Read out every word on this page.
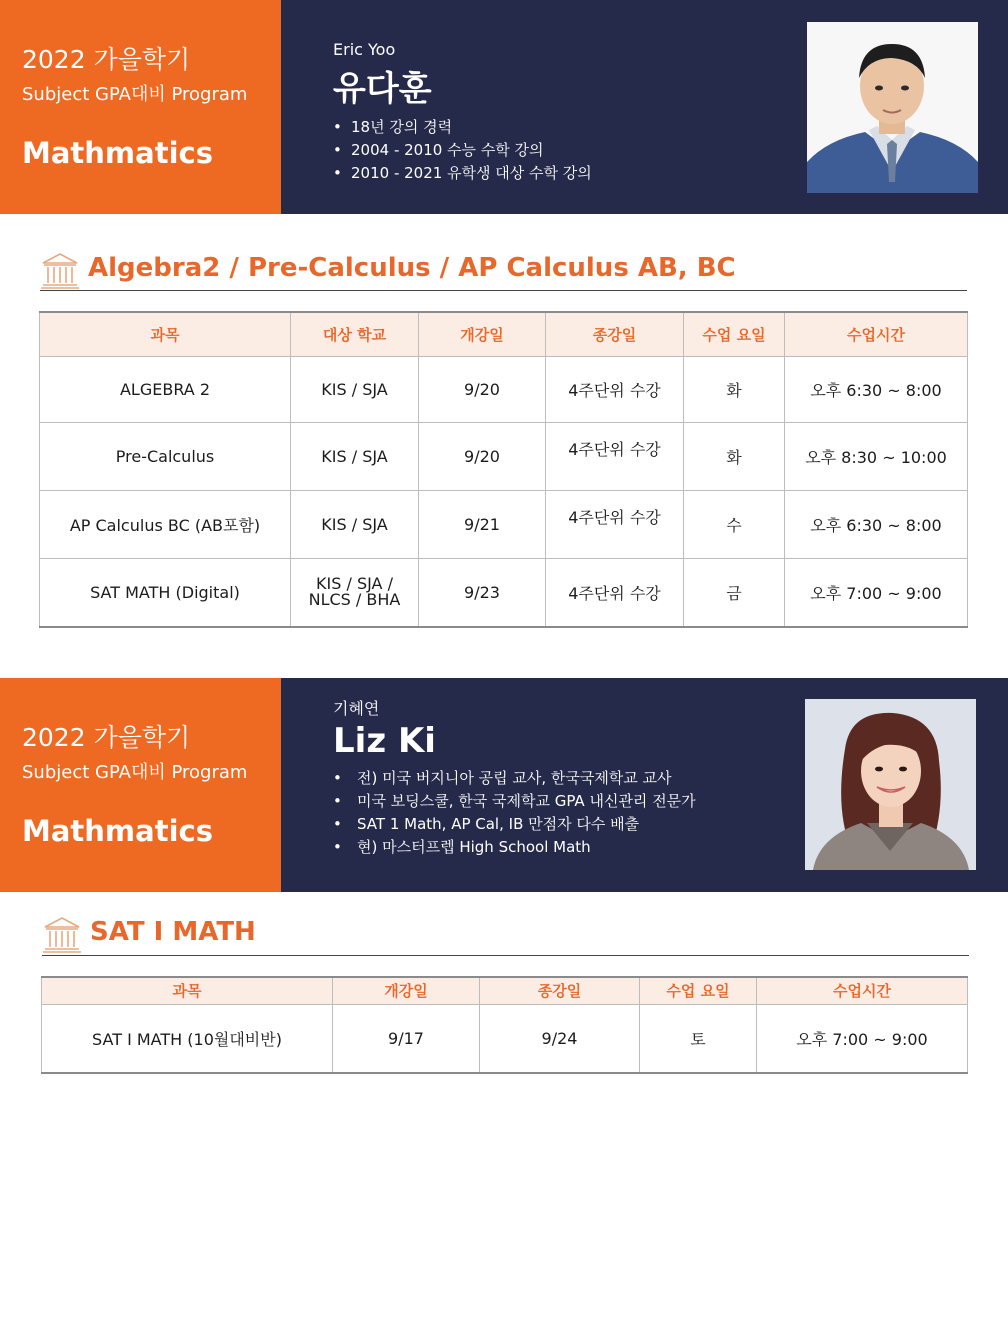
2022 가을학기
Subject GPA대비 Program
Mathmatics
Eric Yoo
유다훈
• 18년 강의 경력
• 2004 - 2010 수능 수학 강의
• 2010 - 2021 유학생 대상 수학 강의
Algebra2 / Pre-Calculus / AP Calculus AB, BC
과목	대상 학교	개강일	종강일	수업 요일	수업시간
ALGEBRA 2	KIS / SJA	9/20	4주단위 수강	화	오후 6:30 ~ 8:00
Pre-Calculus	KIS / SJA	9/20	4주단위 수강	화	오후 8:30 ~ 10:00
AP Calculus BC (AB포함)	KIS / SJA	9/21	4주단위 수강	수	오후 6:30 ~ 8:00
SAT MATH (Digital)	KIS / SJA / NLCS / BHA	9/23	4주단위 수강	금	오후 7:00 ~ 9:00
2022 가을학기
Subject GPA대비 Program
Mathmatics
기혜연
Liz Ki
• 전) 미국 버지니아 공립 교사, 한국국제학교 교사
• 미국 보딩스쿨, 한국 국제학교 GPA 내신관리 전문가
• SAT 1 Math, AP Cal, IB 만점자 다수 배출
• 현) 마스터프렙 High School Math
SAT I MATH
과목	개강일	종강일	수업 요일	수업시간
SAT I MATH (10월대비반)	9/17	9/24	토	오후 7:00 ~ 9:00
